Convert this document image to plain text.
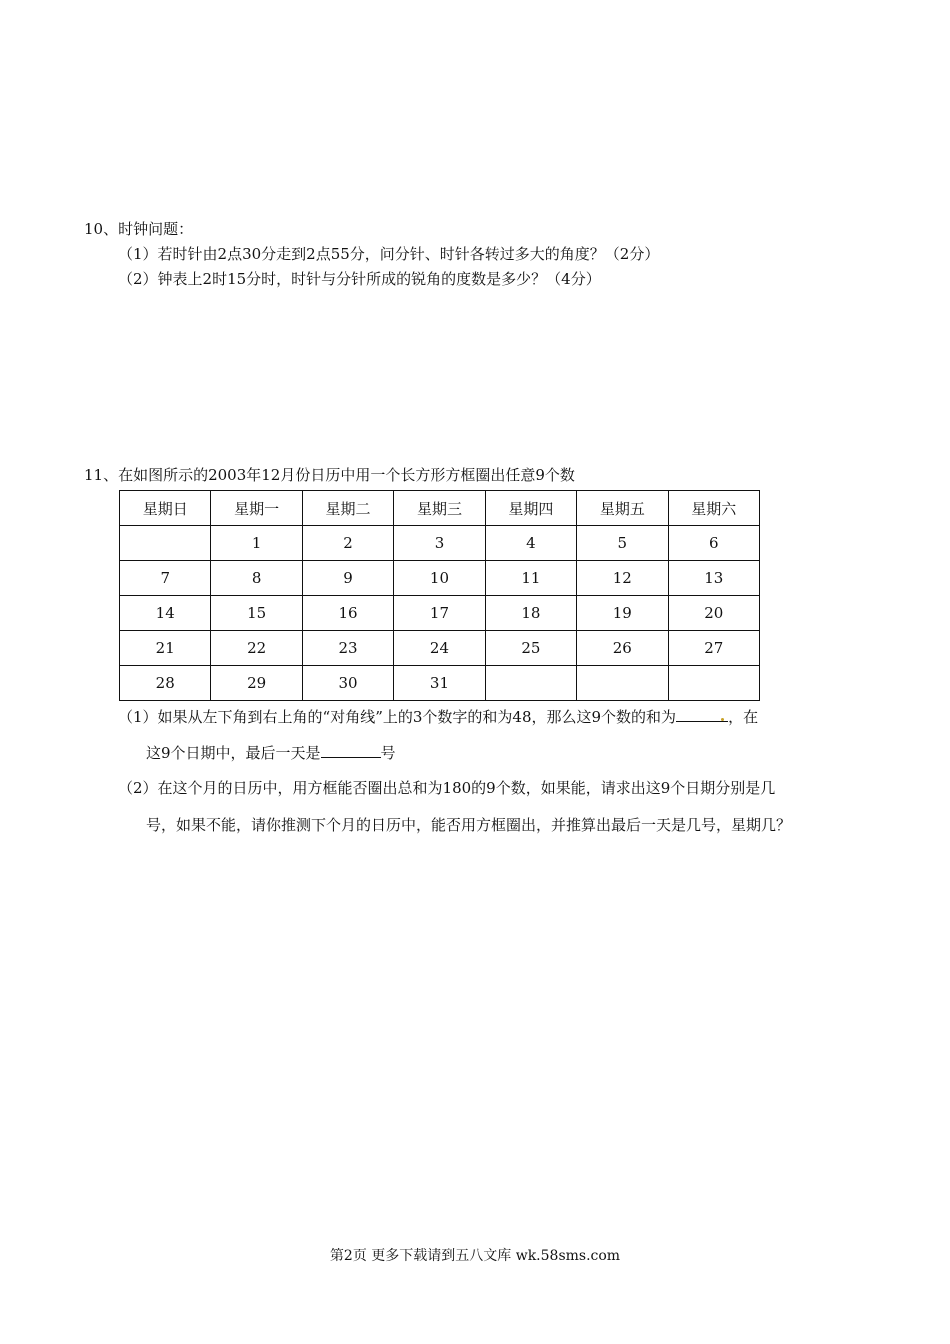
10、时钟问题：
（1）若时针由2点30分走到2点55分，问分针、时针各转过多大的角度？（2分）
（2）钟表上2时15分时，时针与分针所成的锐角的度数是多少？（4分）
11、在如图所示的2003年12月份日历中用一个长方形方框圈出任意9个数
星期日	星期一	星期二	星期三	星期四	星期五	星期六
	1	2	3	4	5	6
7	8	9	10	11	12	13
14	15	16	17	18	19	20
21	22	23	24	25	26	27
28	29	30	31			
（1）如果从左下角到右上角的“对角线”上的3个数字的和为48，那么这9个数的和为	，在
这9个日期中，最后一天是	号
（2）在这个月的日历中，用方框能否圈出总和为180的9个数，如果能，请求出这9个日期分别是几
号，如果不能，请你推测下个月的日历中，能否用方框圈出，并推算出最后一天是几号，星期几？
第2页 更多下载请到五八文库 wk.58sms.com
